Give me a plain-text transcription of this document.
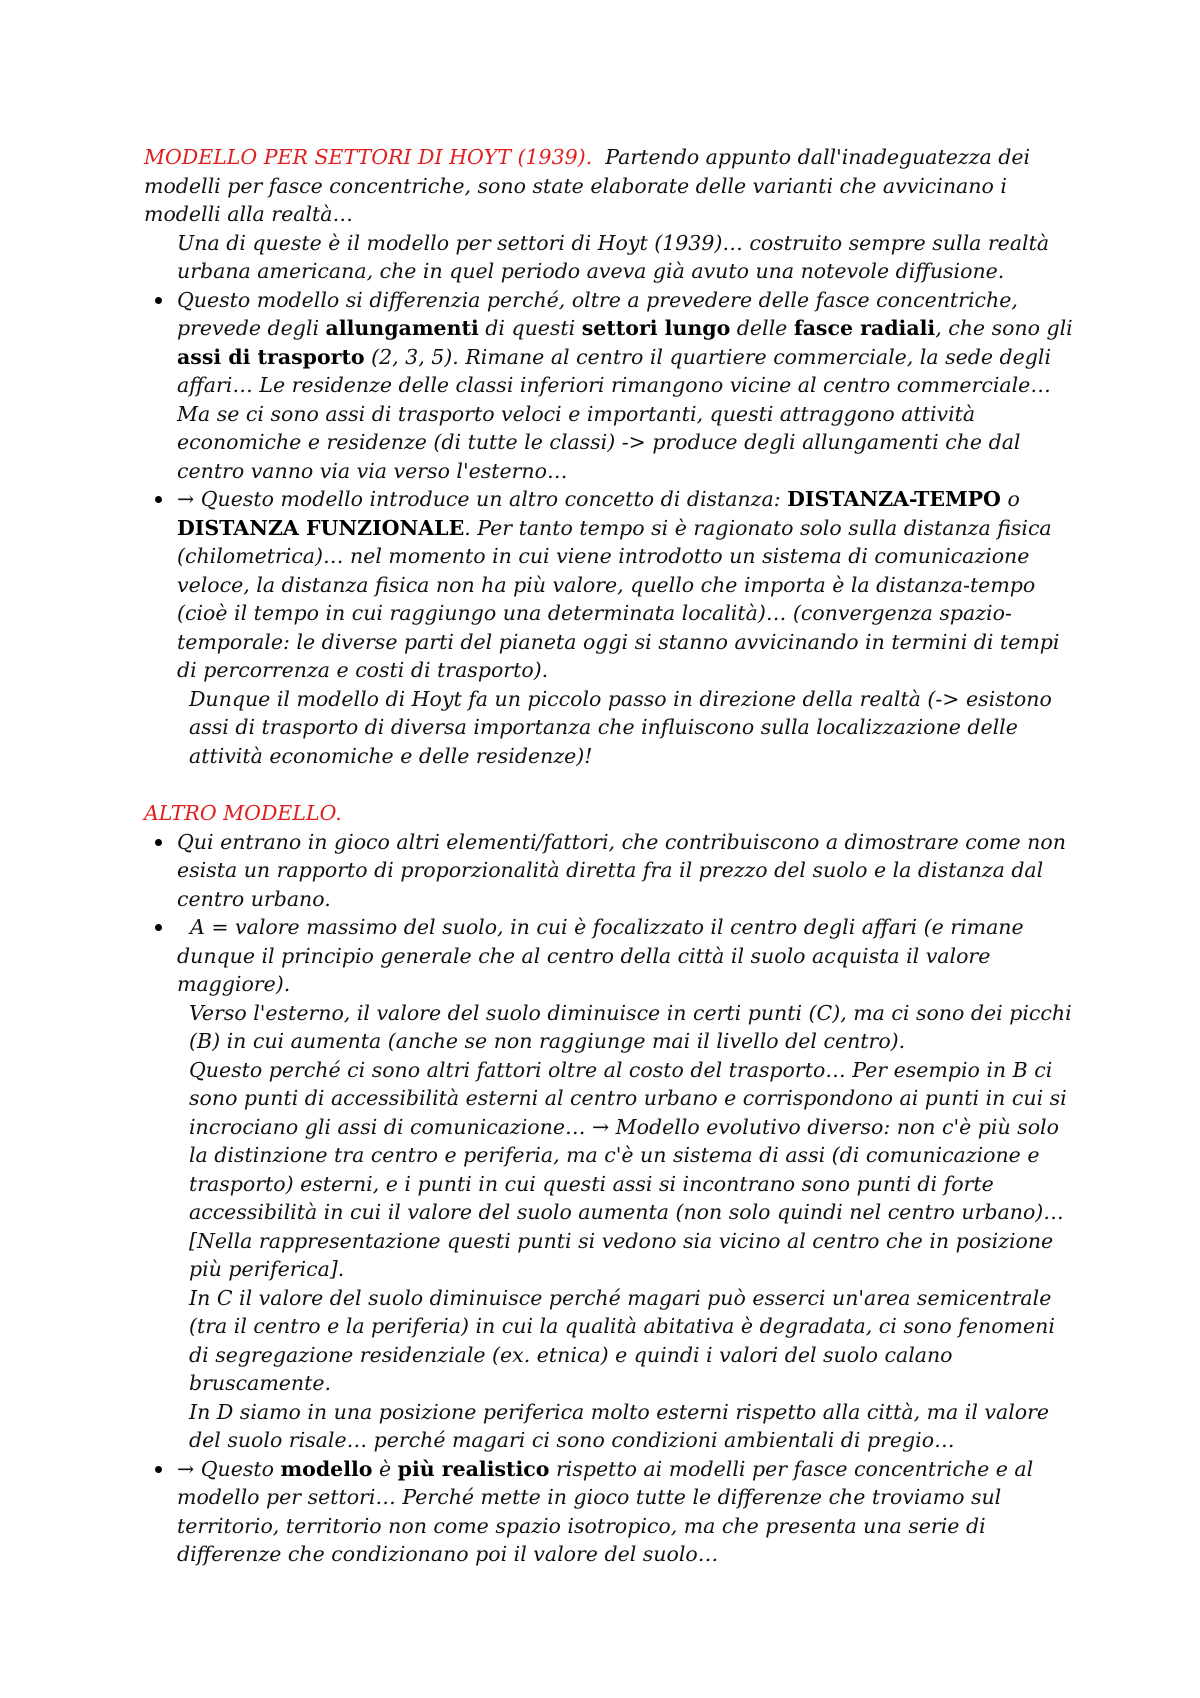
MODELLO PER SETTORI DI HOYT (1939). Partendo appunto dall'inadeguatezza dei modelli per fasce concentriche, sono state elaborate delle varianti che avvicinano i modelli alla realtà…

Una di queste è il modello per settori di Hoyt (1939)… costruito sempre sulla realtà urbana americana, che in quel periodo aveva già avuto una notevole diffusione.

Questo modello si differenzia perché, oltre a prevedere delle fasce concentriche, prevede degli allungamenti di questi settori lungo delle fasce radiali, che sono gli assi di trasporto (2, 3, 5). Rimane al centro il quartiere commerciale, la sede degli affari… Le residenze delle classi inferiori rimangono vicine al centro commerciale… Ma se ci sono assi di trasporto veloci e importanti, questi attraggono attività economiche e residenze (di tutte le classi) -> produce degli allungamenti che dal centro vanno via via verso l'esterno…
→ Questo modello introduce un altro concetto di distanza: DISTANZA-TEMPO o DISTANZA FUNZIONALE. Per tanto tempo si è ragionato solo sulla distanza fisica (chilometrica)… nel momento in cui viene introdotto un sistema di comunicazione veloce, la distanza fisica non ha più valore, quello che importa è la distanza-tempo (cioè il tempo in cui raggiungo una determinata località)… (convergenza spazio-temporale: le diverse parti del pianeta oggi si stanno avvicinando in termini di tempi di percorrenza e costi di trasporto).

Dunque il modello di Hoyt fa un piccolo passo in direzione della realtà (-> esistono assi di trasporto di diversa importanza che influiscono sulla localizzazione delle attività economiche e delle residenze)!

ALTRO MODELLO.

Qui entrano in gioco altri elementi/fattori, che contribuiscono a dimostrare come non esista un rapporto di proporzionalità diretta fra il prezzo del suolo e la distanza dal centro urbano.
A = valore massimo del suolo, in cui è focalizzato il centro degli affari (e rimane dunque il principio generale che al centro della città il suolo acquista il valore maggiore).

Verso l'esterno, il valore del suolo diminuisce in certi punti (C), ma ci sono dei picchi (B) in cui aumenta (anche se non raggiunge mai il livello del centro).

Questo perché ci sono altri fattori oltre al costo del trasporto… Per esempio in B ci sono punti di accessibilità esterni al centro urbano e corrispondono ai punti in cui si incrociano gli assi di comunicazione… → Modello evolutivo diverso: non c'è più solo la distinzione tra centro e periferia, ma c'è un sistema di assi (di comunicazione e trasporto) esterni, e i punti in cui questi assi si incontrano sono punti di forte accessibilità in cui il valore del suolo aumenta (non solo quindi nel centro urbano)… [Nella rappresentazione questi punti si vedono sia vicino al centro che in posizione più periferica].

In C il valore del suolo diminuisce perché magari può esserci un'area semicentrale (tra il centro e la periferia) in cui la qualità abitativa è degradata, ci sono fenomeni di segregazione residenziale (ex. etnica) e quindi i valori del suolo calano bruscamente.

In D siamo in una posizione periferica molto esterni rispetto alla città, ma il valore del suolo risale… perché magari ci sono condizioni ambientali di pregio…

→ Questo modello è più realistico rispetto ai modelli per fasce concentriche e al modello per settori… Perché mette in gioco tutte le differenze che troviamo sul territorio, territorio non come spazio isotropico, ma che presenta una serie di differenze che condizionano poi il valore del suolo…
